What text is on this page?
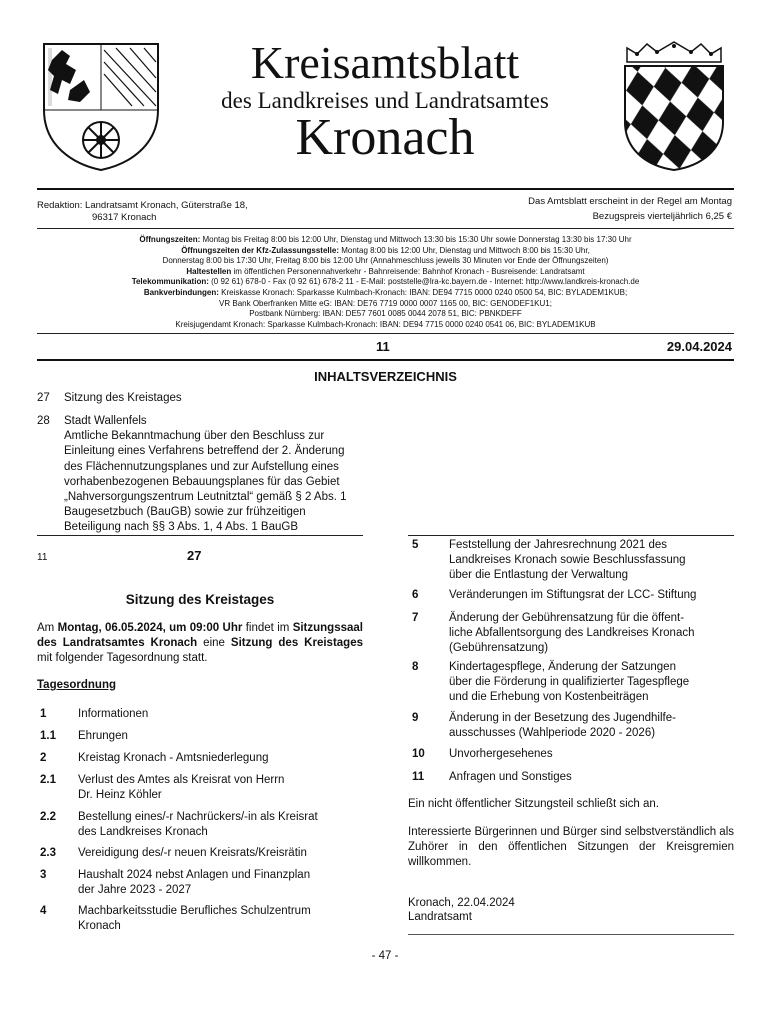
Kreisamtsblatt
des Landkreises und Landratsamtes
Kronach
Redaktion: Landratsamt Kronach, Güterstraße 18,
96317 Kronach
Das Amtsblatt erscheint in der Regel am Montag
Bezugspreis vierteljährlich 6,25 €
Öffnungszeiten: Montag bis Freitag 8:00 bis 12:00 Uhr, Dienstag und Mittwoch 13:30 bis 15:30 Uhr sowie Donnerstag 13:30 bis 17:30 Uhr
Öffnungszeiten der Kfz-Zulassungsstelle: Montag 8:00 bis 12:00 Uhr, Dienstag und Mittwoch 8:00 bis 15:30 Uhr,
Donnerstag 8:00 bis 17:30 Uhr, Freitag 8:00 bis 12:00 Uhr (Annahmeschluss jeweils 30 Minuten vor Ende der Öffnungszeiten)
Haltestellen im öffentlichen Personennahverkehr - Bahnreisende: Bahnhof Kronach - Busreisende: Landratsamt
Telekommunikation: (0 92 61) 678-0 - Fax (0 92 61) 678-2 11 - E-Mail: poststelle@lra-kc.bayern.de - Internet: http://www.landkreis-kronach.de
Bankverbindungen: Kreiskasse Kronach: Sparkasse Kulmbach-Kronach: IBAN: DE94 7715 0000 0240 0500 54, BIC: BYLADEM1KUB;
VR Bank Oberfranken Mitte eG: IBAN: DE76 7719 0000 0007 1165 00, BIC: GENODEF1KU1;
Postbank Nürnberg: IBAN: DE57 7601 0085 0044 2078 51, BIC: PBNKDEFF
Kreisjugendamt Kronach: Sparkasse Kulmbach-Kronach: IBAN: DE94 7715 0000 0240 0541 06, BIC: BYLADEM1KUB
11	29.04.2024
INHALTSVERZEICHNIS
27 Sitzung des Kreistages
28 Stadt Wallenfels
Amtliche Bekanntmachung über den Beschluss zur
Einleitung eines Verfahrens betreffend der 2. Änderung
des Flächennutzungsplanes und zur Aufstellung eines
vorhabenbezogenen Bebauungsplanes für das Gebiet
„Nahversorgungszentrum Leutnitztal“ gemäß § 2 Abs. 1
Baugesetzbuch (BauGB) sowie zur frühzeitigen
Beteiligung nach §§ 3 Abs. 1, 4 Abs. 1 BauGB
11	27
Sitzung des Kreistages
Am Montag, 06.05.2024, um 09:00 Uhr findet im Sitzungssaal des Landratsamtes Kronach eine Sitzung des Kreistages mit folgender Tagesordnung statt.
Tagesordnung
1	Informationen
1.1 Ehrungen
2	Kreistag Kronach - Amtsniederlegung
2.1 Verlust des Amtes als Kreisrat von Herrn
Dr. Heinz Köhler
2.2 Bestellung eines/-r Nachrückers/-in als Kreisrat
des Landkreises Kronach
2.3 Vereidigung des/-r neuen Kreisrats/Kreisrätin
3	Haushalt 2024 nebst Anlagen und Finanzplan
der Jahre 2023 - 2027
4	Machbarkeitsstudie Berufliches Schulzentrum
Kronach
5	Feststellung der Jahresrechnung 2021 des
Landkreises Kronach sowie Beschlussfassung
über die Entlastung der Verwaltung
6	Veränderungen im Stiftungsrat der LCC- Stiftung
7	Änderung der Gebührensatzung für die öffent-
liche Abfallentsorgung des Landkreises Kronach
(Gebührensatzung)
8	Kindertagespflege, Änderung der Satzungen
über die Förderung in qualifizierter Tagespflege
und die Erhebung von Kostenbeiträgen
9	Änderung in der Besetzung des Jugendhilfe-
ausschusses (Wahlperiode 2020 - 2026)
10 Unvorhergesehenes
11 Anfragen und Sonstiges
Ein nicht öffentlicher Sitzungsteil schließt sich an.
Interessierte Bürgerinnen und Bürger sind selbstverständlich als Zuhörer in den öffentlichen Sitzungen der Kreisgremien willkommen.
Kronach, 22.04.2024
Landratsamt
- 47 -
